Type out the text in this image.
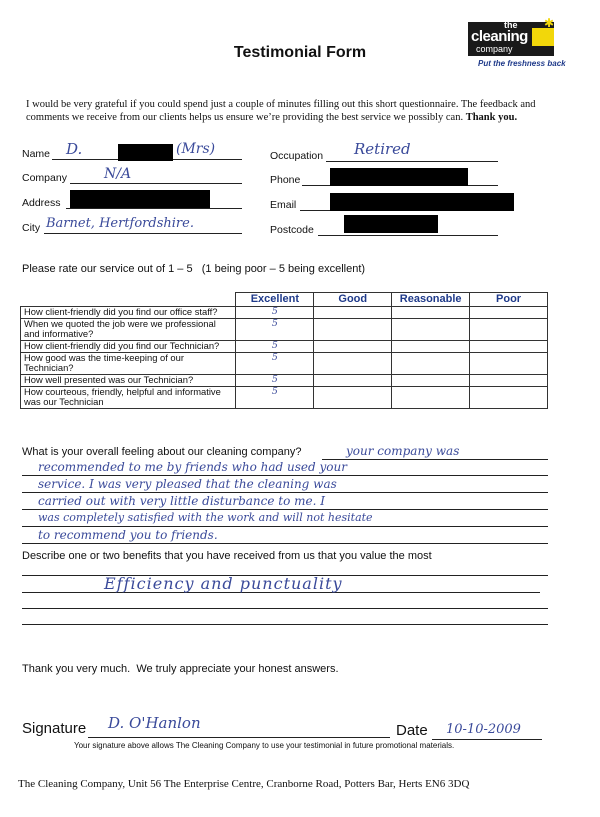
the
cleaning
company
✱
Put the freshness back
Testimonial Form
I would be very grateful if you could spend just a couple of minutes filling out this short questionnaire. The feedback and comments we receive from our clients helps us ensure we’re providing the best service we possibly can. Thank you.
Name D.	(Mrs)
Company	N/A
Address
City Barnet, Hertfordshire.
Occupation Retired
Phone
Email
Postcode
Please rate our service out of 1 – 5   (1 being poor – 5 being excellent)
	Excellent	Good	Reasonable	Poor
How client-friendly did you find our office staff?	5			
When we quoted the job were we professional and informative?	5			
How client-friendly did you find our Technician?	5			
How good was the time-keeping of our Technician?	5			
How well presented was our Technician?	5			
How courteous, friendly, helpful and informative was our Technician	5			
What is your overall feeling about our cleaning company?	your company was
recommended to me by friends who had used your
service. I was very pleased that the cleaning was
carried out with very little disturbance to me. I
was completely satisfied with the work and will not hesitate
to recommend you to friends.
Describe one or two benefits that you have received from us that you value the most
Efficiency and punctuality
Thank you very much.  We truly appreciate your honest answers.
Signature D. O'Hanlon	Date 10-10-2009
Your signature above allows The Cleaning Company to use your testimonial in future promotional materials.
The Cleaning Company, Unit 56 The Enterprise Centre, Cranborne Road, Potters Bar, Herts EN6 3DQ
